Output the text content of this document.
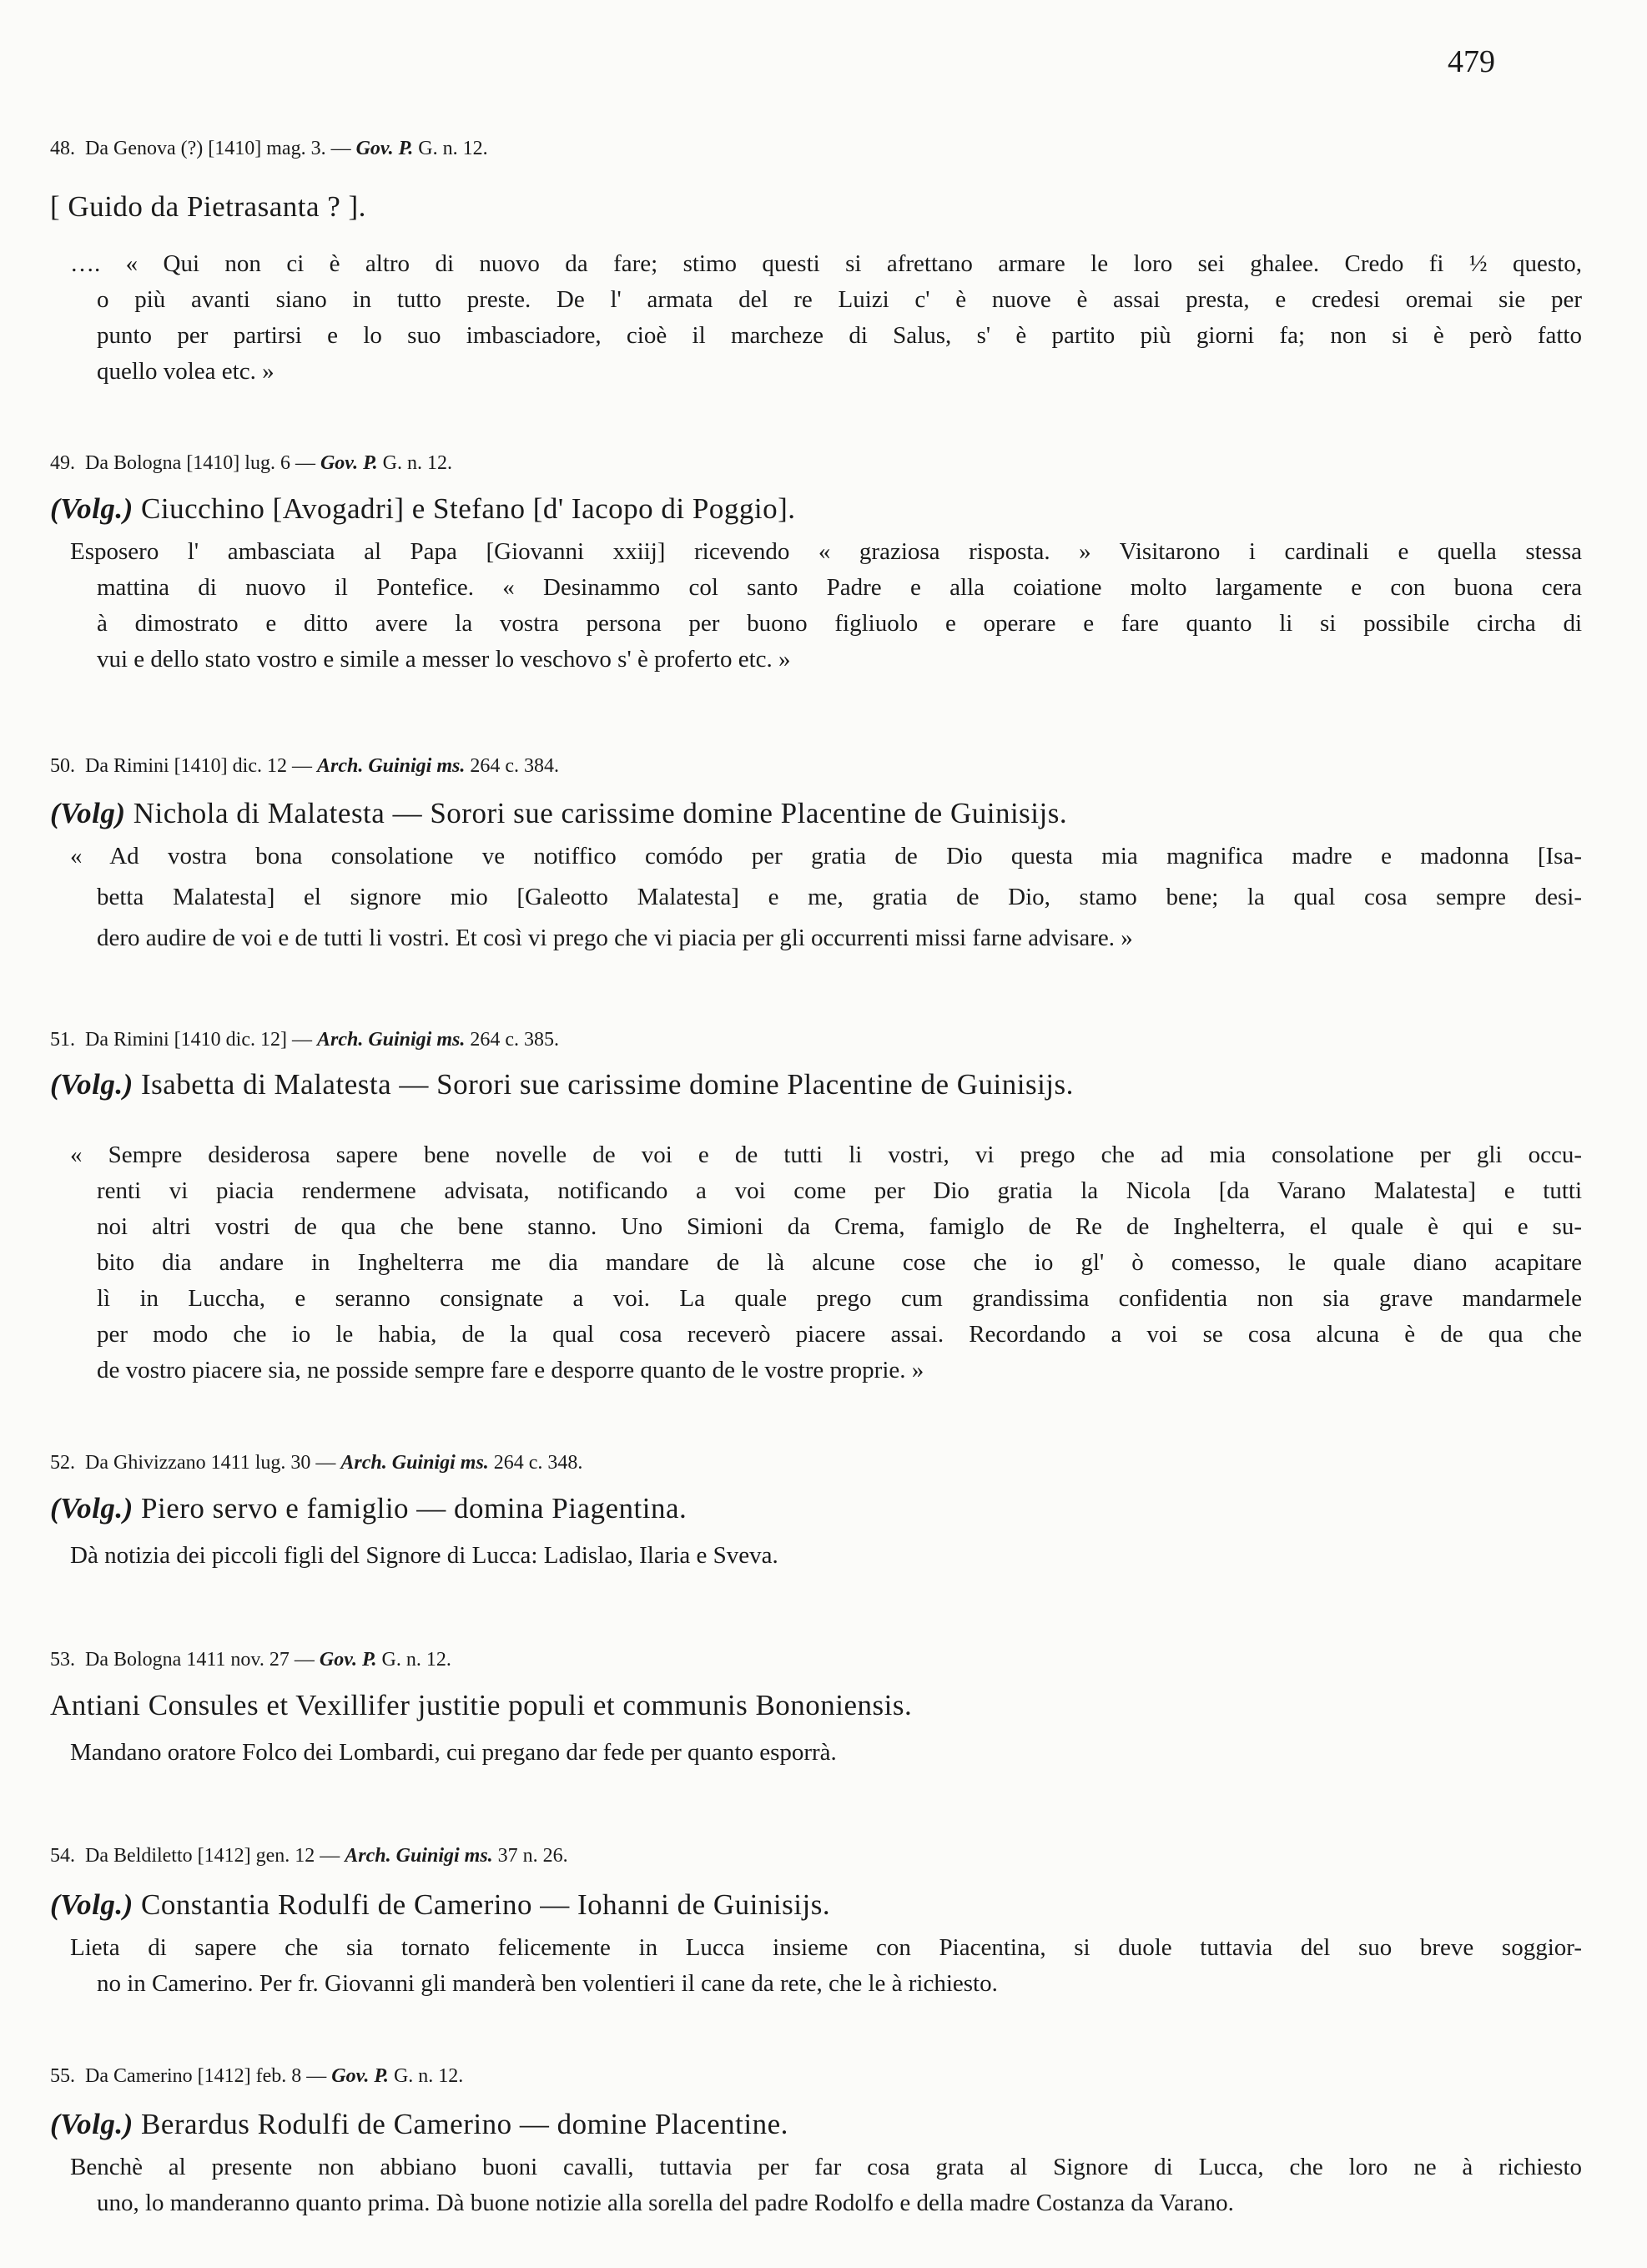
479
48. Da Genova (?) [1410] mag. 3. — Gov. P. G. n. 12.
[ Guido da Pietrasanta ? ].
…. « Qui non ci è altro di nuovo da fare; stimo questi si afrettano armare le loro sei ghalee. Credo fi ½ questo,
o più avanti siano in tutto preste. De l' armata del re Luizi c' è nuove è assai presta, e credesi oremai sie per
punto per partirsi e lo suo imbasciadore, cioè il marcheze di Salus, s' è partito più giorni fa; non si è però fatto
quello volea etc. »
49. Da Bologna [1410] lug. 6 — Gov. P. G. n. 12.
(Volg.) Ciucchino [Avogadri] e Stefano [d' Iacopo di Poggio].
Esposero l' ambasciata al Papa [Giovanni xxiij] ricevendo « graziosa risposta. » Visitarono i cardinali e quella stessa
mattina di nuovo il Pontefice. « Desinammo col santo Padre e alla coiatione molto largamente e con buona cera
à dimostrato e ditto avere la vostra persona per buono figliuolo e operare e fare quanto li si possibile circha di
vui e dello stato vostro e simile a messer lo veschovo s' è proferto etc. »
50. Da Rimini [1410] dic. 12 — Arch. Guinigi ms. 264 c. 384.
(Volg) Nichola di Malatesta — Sorori sue carissime domine Placentine de Guinisijs.
« Ad vostra bona consolatione ve notiffico comódo per gratia de Dio questa mia magnifica madre e madonna [Isa-
betta Malatesta] el signore mio [Galeotto Malatesta] e me, gratia de Dio, stamo bene; la qual cosa sempre desi-
dero audire de voi e de tutti li vostri. Et così vi prego che vi piacia per gli occurrenti missi farne advisare. »
51. Da Rimini [1410 dic. 12] — Arch. Guinigi ms. 264 c. 385.
(Volg.) Isabetta di Malatesta — Sorori sue carissime domine Placentine de Guinisijs.
« Sempre desiderosa sapere bene novelle de voi e de tutti li vostri, vi prego che ad mia consolatione per gli occu-
renti vi piacia rendermene advisata, notificando a voi come per Dio gratia la Nicola [da Varano Malatesta] e tutti
noi altri vostri de qua che bene stanno. Uno Simioni da Crema, famiglo de Re de Inghelterra, el quale è qui e su-
bito dia andare in Inghelterra me dia mandare de là alcune cose che io gl' ò comesso, le quale diano acapitare
lì in Luccha, e seranno consignate a voi. La quale prego cum grandissima confidentia non sia grave mandarmele
per modo che io le habia, de la qual cosa receverò piacere assai. Recordando a voi se cosa alcuna è de qua che
de vostro piacere sia, ne posside sempre fare e desporre quanto de le vostre proprie. »
52. Da Ghivizzano 1411 lug. 30 — Arch. Guinigi ms. 264 c. 348.
(Volg.) Piero servo e famiglio — domina Piagentina.
Dà notizia dei piccoli figli del Signore di Lucca: Ladislao, Ilaria e Sveva.
53. Da Bologna 1411 nov. 27 — Gov. P. G. n. 12.
Antiani Consules et Vexillifer justitie populi et communis Bononiensis.
Mandano oratore Folco dei Lombardi, cui pregano dar fede per quanto esporrà.
54. Da Beldiletto [1412] gen. 12 — Arch. Guinigi ms. 37 n. 26.
(Volg.) Constantia Rodulfi de Camerino — Iohanni de Guinisijs.
Lieta di sapere che sia tornato felicemente in Lucca insieme con Piacentina, si duole tuttavia del suo breve soggior-
no in Camerino. Per fr. Giovanni gli manderà ben volentieri il cane da rete, che le à richiesto.
55. Da Camerino [1412] feb. 8 — Gov. P. G. n. 12.
(Volg.) Berardus Rodulfi de Camerino — domine Placentine.
Benchè al presente non abbiano buoni cavalli, tuttavia per far cosa grata al Signore di Lucca, che loro ne à richiesto
uno, lo manderanno quanto prima. Dà buone notizie alla sorella del padre Rodolfo e della madre Costanza da Varano.
